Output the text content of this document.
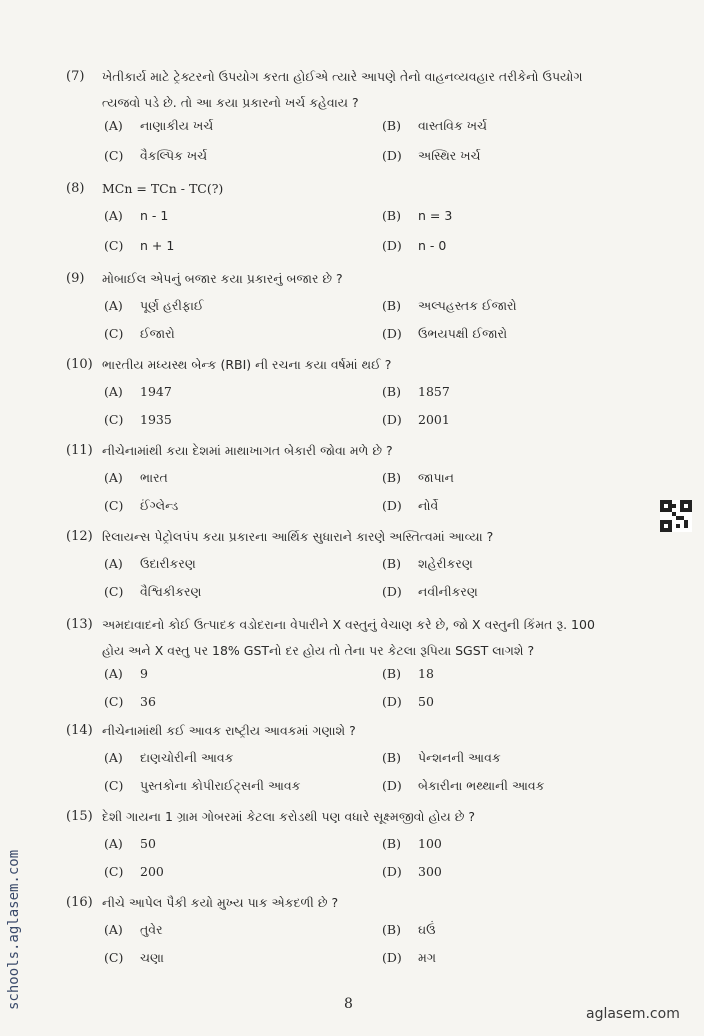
(7) ખેતીકાર્ય માટે ટ્રેક્ટરનો ઉપયોગ કરતા હોઈએ ત્યારે આપણે તેનો વાહનવ્યવહાર તરીકેનો ઉપયોગ
ત્યજવો પડે છે. તો આ કયા પ્રકારનો ખર્ચ કહેવાય ?
(A) નાણાકીય ખર્ચ	(B) વાસ્તવિક ખર્ચ
(C) વૈકલ્પિક ખર્ચ	(D) અસ્થિર ખર્ચ
(8) MCn = TCn - TC(?)
(A) n - 1	(B) n = 3
(C) n + 1	(D) n - 0
(9) મોબાઈલ એપનું બજાર કયા પ્રકારનું બજાર છે ?
(A) પૂર્ણ હરીફાઈ	(B) અલ્પહસ્તક ઈજારો
(C) ઈજારો	(D) ઉભયપક્ષી ઈજારો
(10) ભારતીય મધ્યસ્થ બેન્ક (RBI) ની રચના કયા વર્ષમાં થઈ ?
(A) 1947	(B) 1857
(C) 1935	(D) 2001
(11) નીચેનામાંથી કયા દેશમાં માથાખાગત બેકારી જોવા મળે છે ?
(A) ભારત	(B) જાપાન
(C) ઈંગ્લેન્ડ	(D) નોર્વે
(12) રિલાયન્સ પેટ્રોલપંપ કયા પ્રકારના આર્થિક સુધારાને કારણે અસ્તિત્વમાં આવ્યા ?
(A) ઉદારીકરણ	(B) શહેરીકરણ
(C) વૈશ્વિકીકરણ	(D) નવીનીકરણ
(13) અમદાવાદનો કોઈ ઉત્પાદક વડોદરાના વેપારીને X વસ્તુનું વેચાણ કરે છે, જો X વસ્તુની કિંમત રૂ. 100
હોય અને X વસ્તુ પર 18% GSTનો દર હોય તો તેના પર કેટલા રૂપિયા SGST લાગશે ?
(A) 9	(B) 18
(C) 36	(D) 50
(14) નીચેનામાંથી કઈ આવક રાષ્ટ્રીય આવકમાં ગણાશે ?
(A) દાણચોરીની આવક	(B) પેન્શનની આવક
(C) પુસ્તકોના કોપીરાઈટ્સની આવક	(D) બેકારીના ભથ્થાની આવક
(15) દેશી ગાયના 1 ગ્રામ ગોબરમાં કેટલા કરોડથી પણ વધારે સૂક્ષ્મજીવો હોય છે ?
(A) 50	(B) 100
(C) 200	(D) 300
(16) નીચે આપેલ પૈકી કયો મુખ્ય પાક એકદળી છે ?
(A) તુવેર	(B) ઘઉં
(C) ચણા	(D) મગ
8
schools.aglasem.com
aglasem.com
